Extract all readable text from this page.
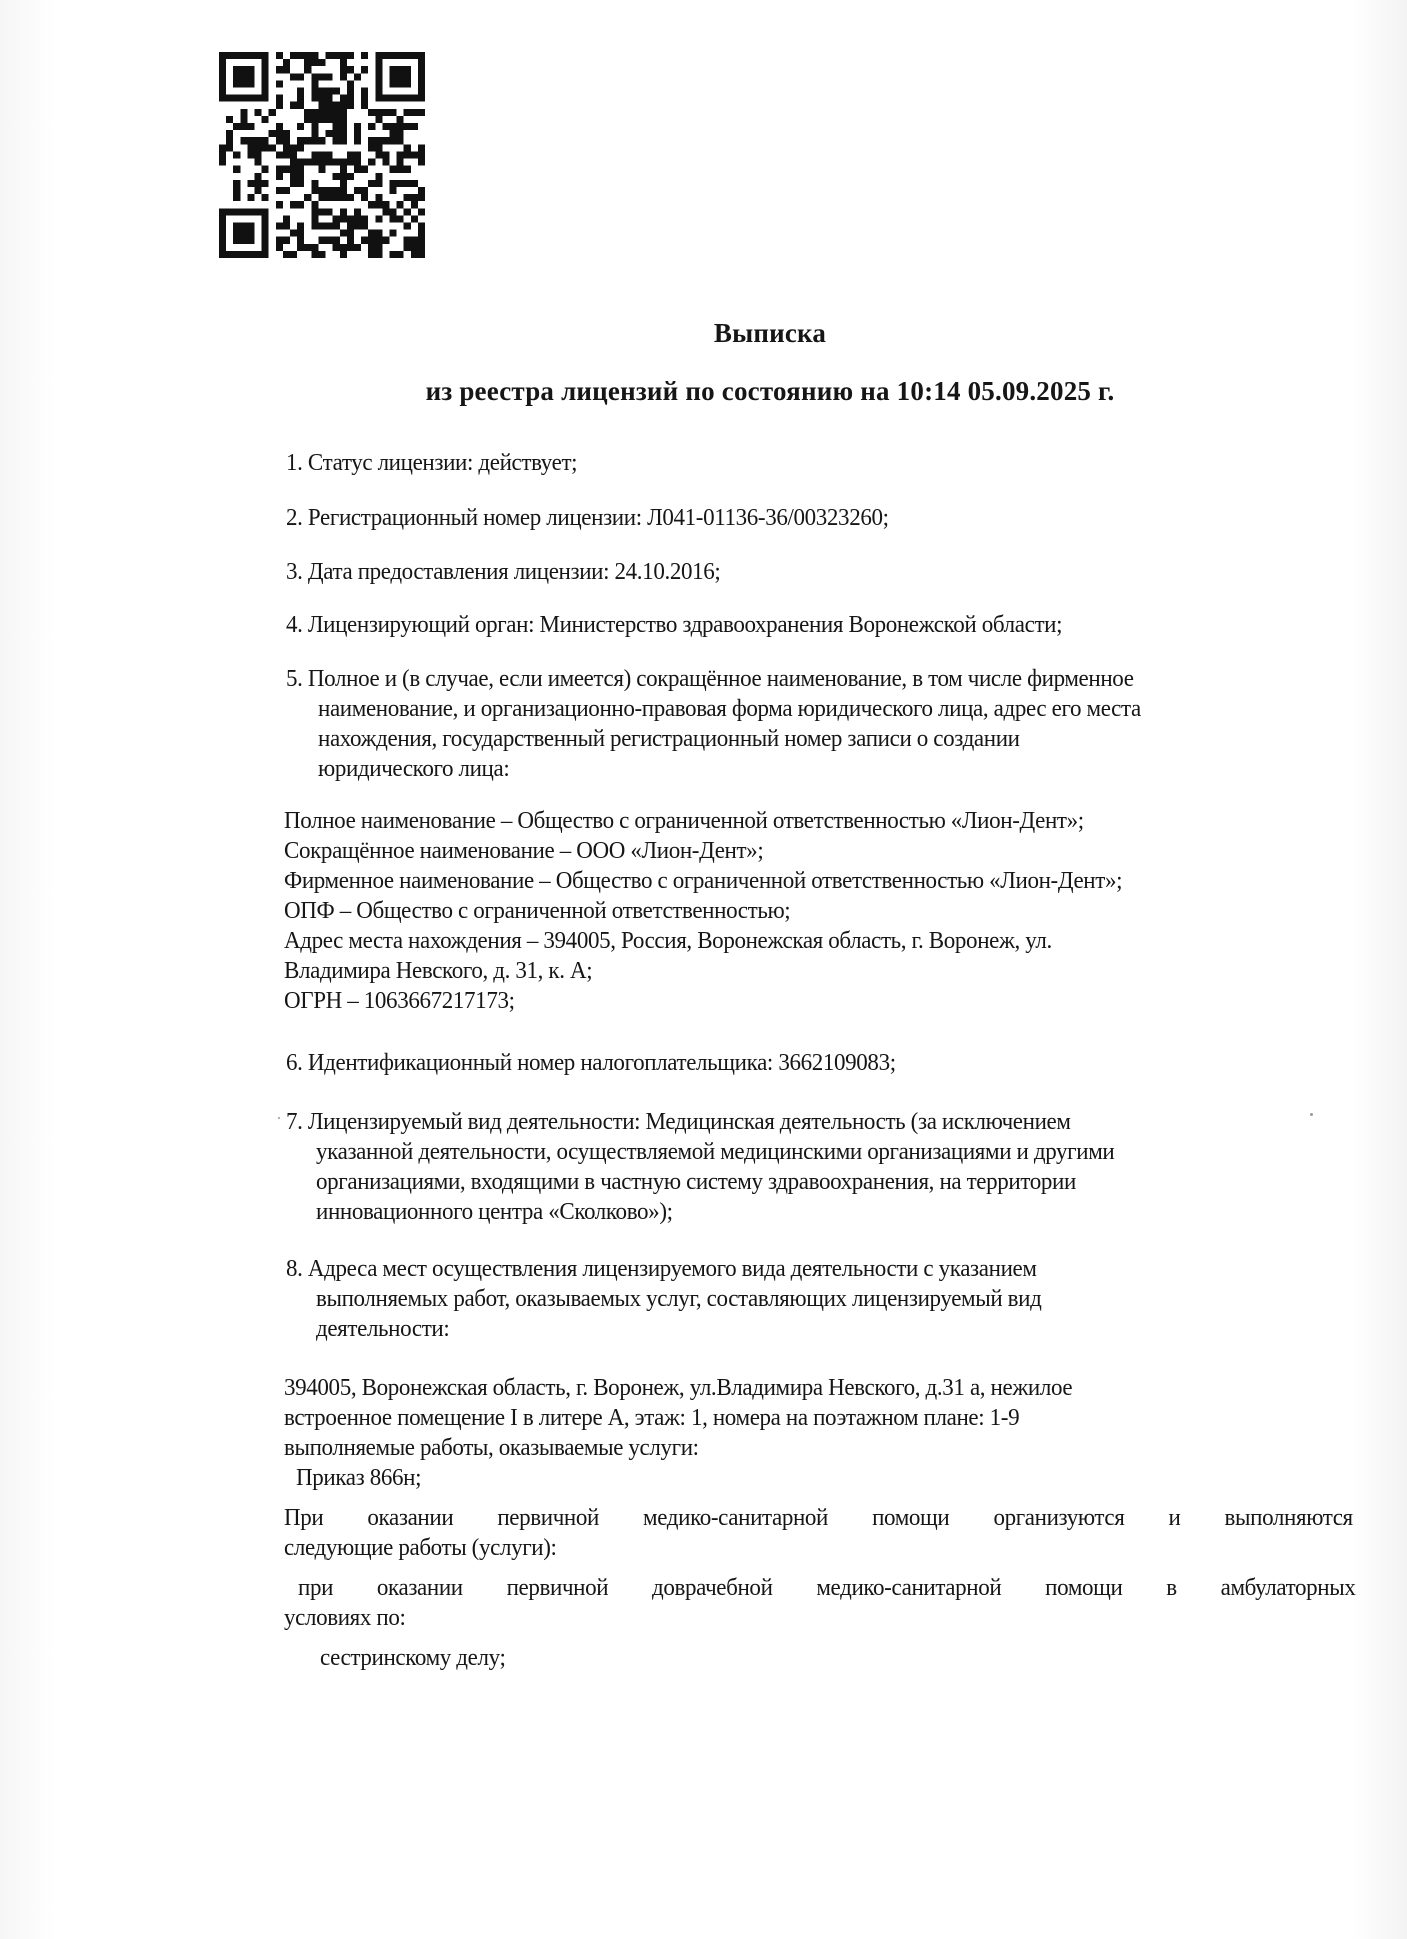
Выписка
из реестра лицензий по состоянию на 10:14 05.09.2025 г.
1. Статус лицензии: действует;
2. Регистрационный номер лицензии: Л041-01136-36/00323260;
3. Дата предоставления лицензии: 24.10.2016;
4. Лицензирующий орган: Министерство здравоохранения Воронежской области;
5. Полное и (в случае, если имеется) сокращённое наименование, в том числе фирменное
наименование, и организационно-правовая форма юридического лица, адрес его места
нахождения, государственный регистрационный номер записи о создании
юридического лица:
Полное наименование – Общество с ограниченной ответственностью «Лион-Дент»;
Сокращённое наименование – ООО «Лион-Дент»;
Фирменное наименование – Общество с ограниченной ответственностью «Лион-Дент»;
ОПФ – Общество с ограниченной ответственностью;
Адрес места нахождения – 394005, Россия, Воронежская область, г. Воронеж, ул.
Владимира Невского, д. 31, к. А;
ОГРН – 1063667217173;
6. Идентификационный номер налогоплательщика: 3662109083;
7. Лицензируемый вид деятельности: Медицинская деятельность (за исключением
указанной деятельности, осуществляемой медицинскими организациями и другими
организациями, входящими в частную систему здравоохранения, на территории
инновационного центра «Сколково»);
8. Адреса мест осуществления лицензируемого вида деятельности с указанием
выполняемых работ, оказываемых услуг, составляющих лицензируемый вид
деятельности:
394005, Воронежская область, г. Воронеж, ул.Владимира Невского, д.31 а, нежилое
встроенное помещение I в литере А, этаж: 1, номера на поэтажном плане: 1-9
выполняемые работы, оказываемые услуги:
Приказ 866н;
При оказании первичной медико-санитарной помощи организуются и выполняются
следующие работы (услуги):
при оказании первичной доврачебной медико-санитарной помощи в амбулаторных
условиях по:
сестринскому делу;
